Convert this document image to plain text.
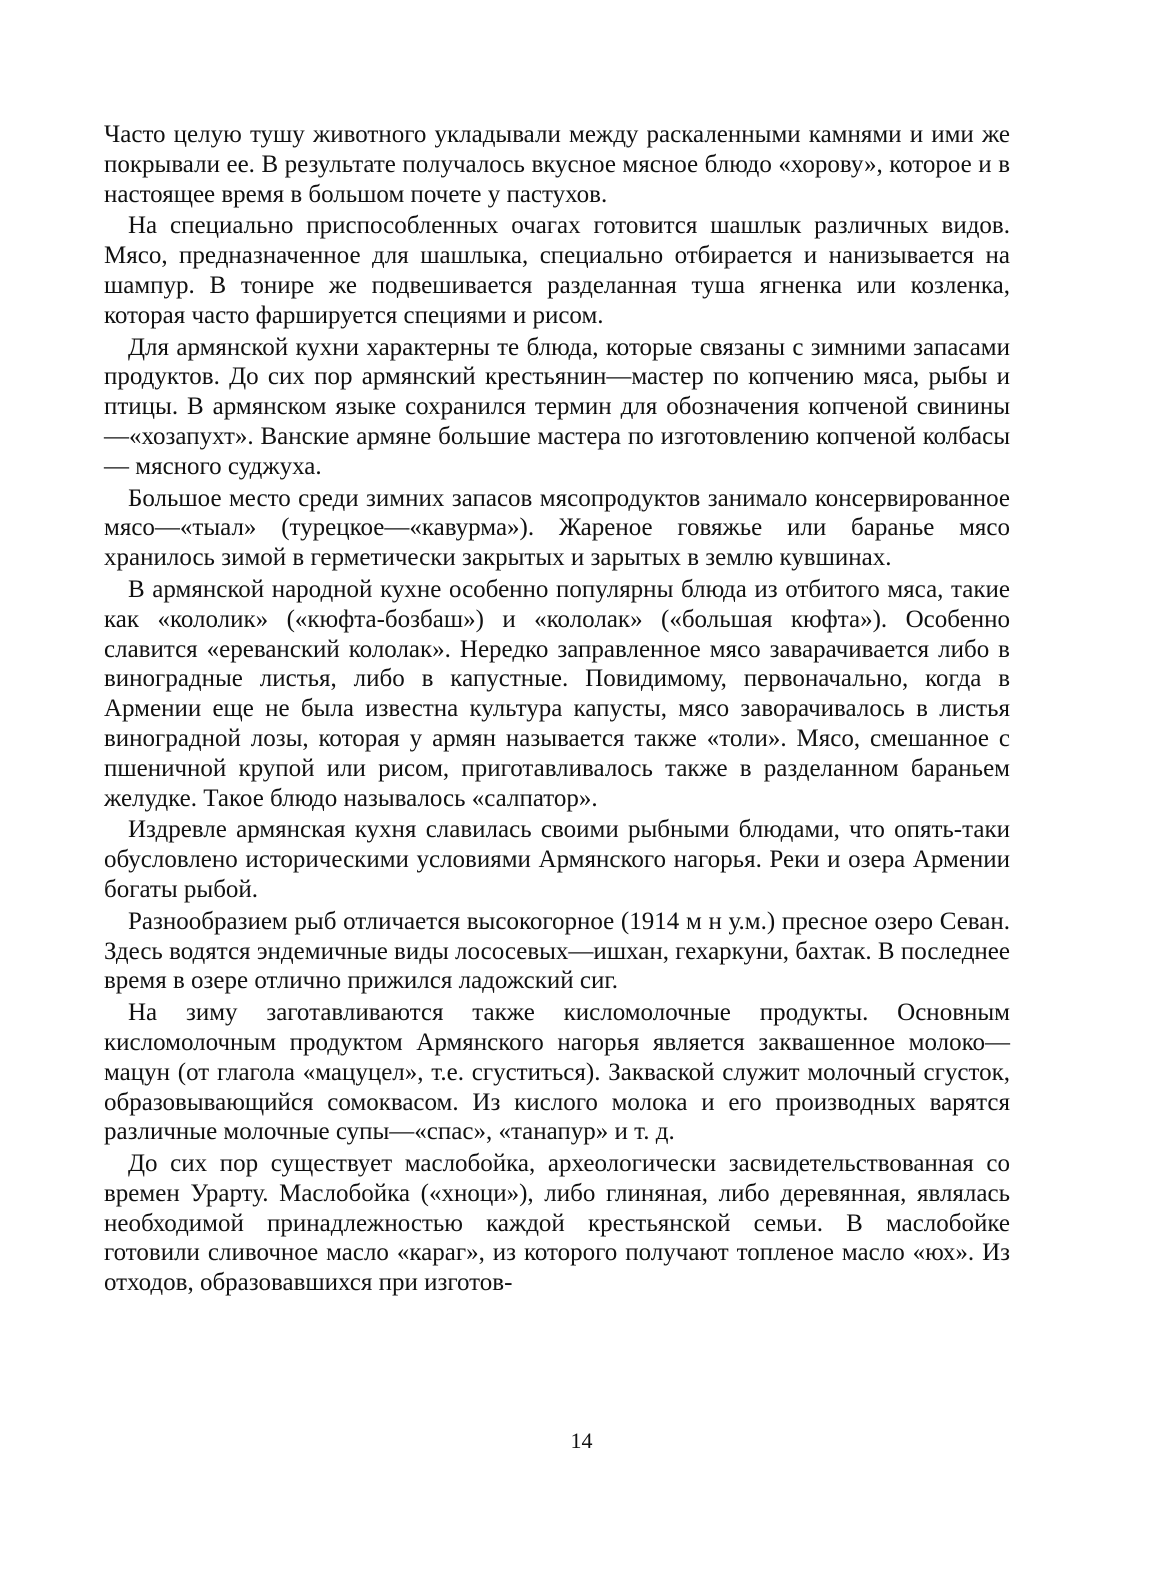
Часто целую тушу животного укладывали между раскаленными камнями и ими же покрывали ее. В результате получалось вкусное мясное блюдо «хорову», которое и в настоящее время в большом почете у пастухов.

На специально приспособленных очагах готовится шашлык различных видов. Мясо, предназначенное для шашлыка, специально отбирается и нанизывается на шампур. В тонире же подвешивается разделанная туша ягненка или козленка, которая часто фаршируется специями и рисом.

Для армянской кухни характерны те блюда, которые связаны с зимними запасами продуктов. До сих пор армянский крестьянин—мастер по копчению мяса, рыбы и птицы. В армянском языке сохранился термин для обозначения копченой свинины—«хозапухт». Ванские армяне большие мастера по изготовлению копченой колбасы — мясного суджуха.

Большое место среди зимних запасов мясопродуктов занимало консервированное мясо—«тыал» (турецкое—«кавурма»). Жареное говяжье или баранье мясо хранилось зимой в герметически закрытых и зарытых в землю кувшинах.

В армянской народной кухне особенно популярны блюда из отбитого мяса, такие как «кололик» («кюфта-бозбаш») и «кололак» («большая кюфта»). Особенно славится «ереванский кололак». Нередко заправленное мясо заварачивается либо в виноградные листья, либо в капустные. Повидимому, первоначально, когда в Армении еще не была известна культура капусты, мясо заворачивалось в листья виноградной лозы, которая у армян называется также «толи». Мясо, смешанное с пшеничной крупой или рисом, приготавливалось также в разделанном бараньем желудке. Такое блюдо называлось «салпатор».

Издревле армянская кухня славилась своими рыбными блюдами, что опять-таки обусловлено историческими условиями Армянского нагорья. Реки и озера Армении богаты рыбой.

Разнообразием рыб отличается высокогорное (1914 м н у.м.) пресное озеро Севан. Здесь водятся эндемичные виды лососевых—ишхан, гехаркуни, бахтак. В последнее время в озере отлично прижился ладожский сиг.

На зиму заготавливаются также кисломолочные продукты. Основным кисломолочным продуктом Армянского нагорья является заквашенное молоко—мацун (от глагола «мацуцел», т.е. сгуститься). Закваской служит молочный сгусток, образовывающийся сомоквасом. Из кислого молока и его производных варятся различные молочные супы—«спас», «танапур» и т. д.

До сих пор существует маслобойка, археологически засвидетельствованная со времен Урарту. Маслобойка («хноци»), либо глиняная, либо деревянная, являлась необходимой принадлежностью каждой крестьянской семьи. В маслобойке готовили сливочное масло «караг», из которого получают топленое масло «юх». Из отходов, образовавшихся при изготов-

14
